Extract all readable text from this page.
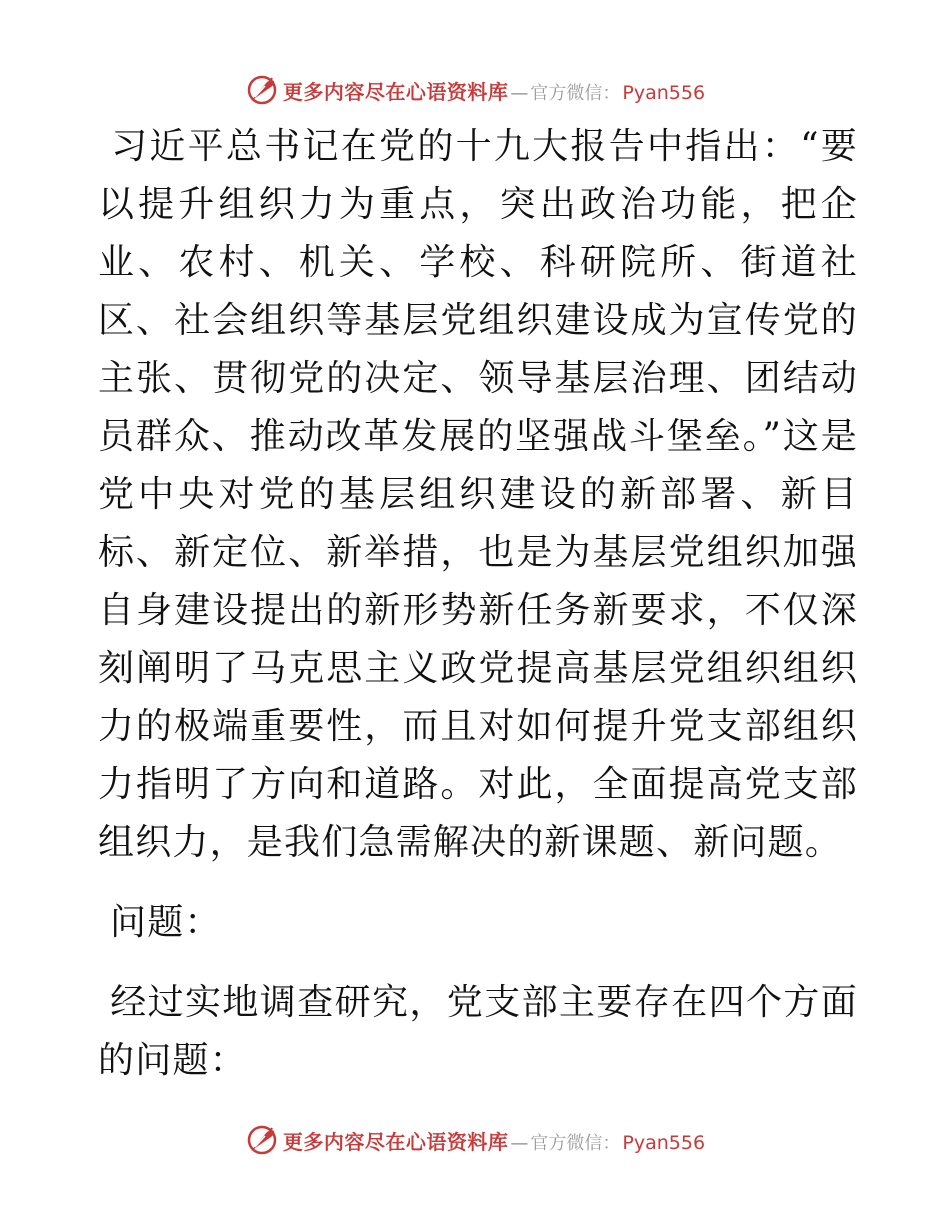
更多内容尽在心语资料库 — 官方微信： Pyan556

习近平总书记在党的十九大报告中指出：“要以提升组织力为重点，突出政治功能，把企业、农村、机关、学校、科研院所、街道社区、社会组织等基层党组织建设成为宣传党的主张、贯彻党的决定、领导基层治理、团结动员群众、推动改革发展的坚强战斗堡垒。”这是党中央对党的基层组织建设的新部署、新目标、新定位、新举措，也是为基层党组织加强自身建设提出的新形势新任务新要求，不仅深刻阐明了马克思主义政党提高基层党组织组织力的极端重要性，而且对如何提升党支部组织力指明了方向和道路。对此，全面提高党支部组织力，是我们急需解决的新课题、新问题。

问题：

经过实地调查研究，党支部主要存在四个方面的问题：

更多内容尽在心语资料库 — 官方微信： Pyan556
